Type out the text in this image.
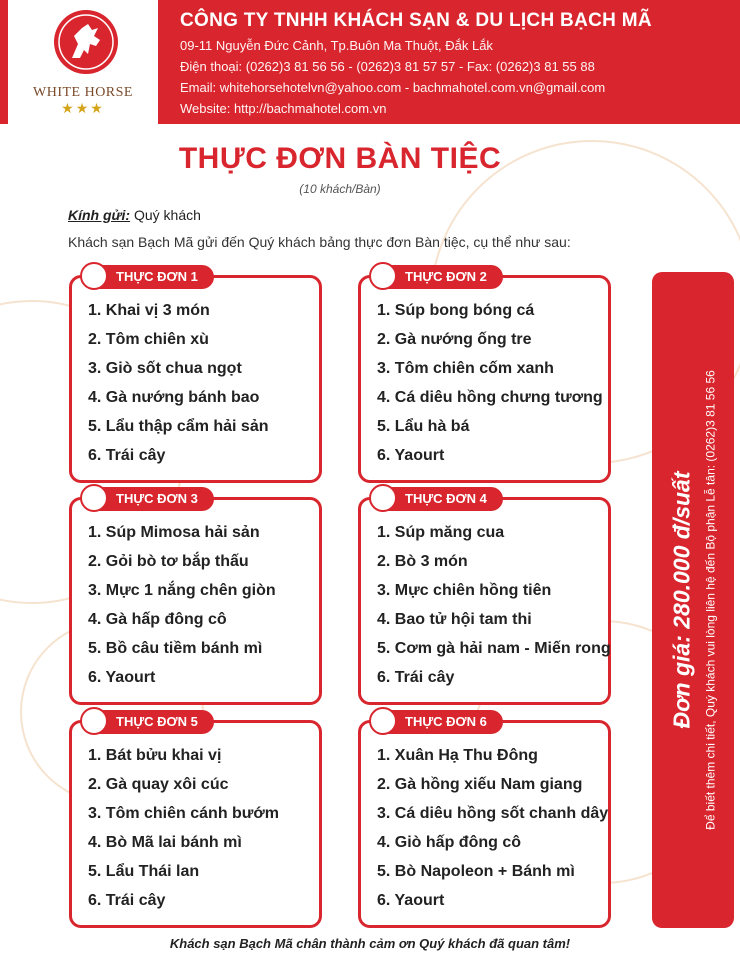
WHITE HORSE
★★★
CÔNG TY TNHH KHÁCH SẠN & DU LỊCH BẠCH MÃ
09-11 Nguyễn Đức Cảnh, Tp.Buôn Ma Thuột, Đắk Lắk
Điện thoại: (0262)3 81 56 56 - (0262)3 81 57 57 - Fax: (0262)3 81 55 88
Email: whitehorsehotelvn@yahoo.com - bachmahotel.com.vn@gmail.com
Website: http://bachmahotel.com.vn
THỰC ĐƠN BÀN TIỆC
(10 khách/Bàn)
Kính gửi: Quý khách
Khách sạn Bạch Mã gửi đến Quý khách bảng thực đơn Bàn tiệc, cụ thể như sau:
THỰC ĐƠN 1
1. Khai vị 3 món
2. Tôm chiên xù
3. Giò sốt chua ngọt
4. Gà nướng bánh bao
5. Lẩu thập cẩm hải sản
6. Trái cây
THỰC ĐƠN 2
1. Súp bong bóng cá
2. Gà nướng ống tre
3. Tôm chiên cốm xanh
4. Cá diêu hồng chưng tương
5. Lẩu hà bá
6. Yaourt
THỰC ĐƠN 3
1. Súp Mimosa hải sản
2. Gỏi bò tơ bắp thấu
3. Mực 1 nắng chên giòn
4. Gà hấp đông cô
5. Bồ câu tiềm bánh mì
6. Yaourt
THỰC ĐƠN 4
1. Súp măng cua
2. Bò 3 món
3. Mực chiên hồng tiên
4. Bao tử hội tam thi
5. Cơm gà hải nam - Miến rong
6. Trái cây
THỰC ĐƠN 5
1. Bát bửu khai vị
2. Gà quay xôi cúc
3. Tôm chiên cánh bướm
4. Bò Mã lai bánh mì
5. Lẩu Thái lan
6. Trái cây
THỰC ĐƠN 6
1. Xuân Hạ Thu Đông
2. Gà hồng xiếu Nam giang
3. Cá diêu hồng sốt chanh dây
4. Giò hấp đông cô
5. Bò Napoleon + Bánh mì
6. Yaourt
Đơn giá: 280.000 đ/suất Để biết thêm chi tiết, Quý khách vui lòng liên hệ đến Bộ phận Lễ tân: (0262)3 81 56 56
Khách sạn Bạch Mã chân thành cảm ơn Quý khách đã quan tâm!
